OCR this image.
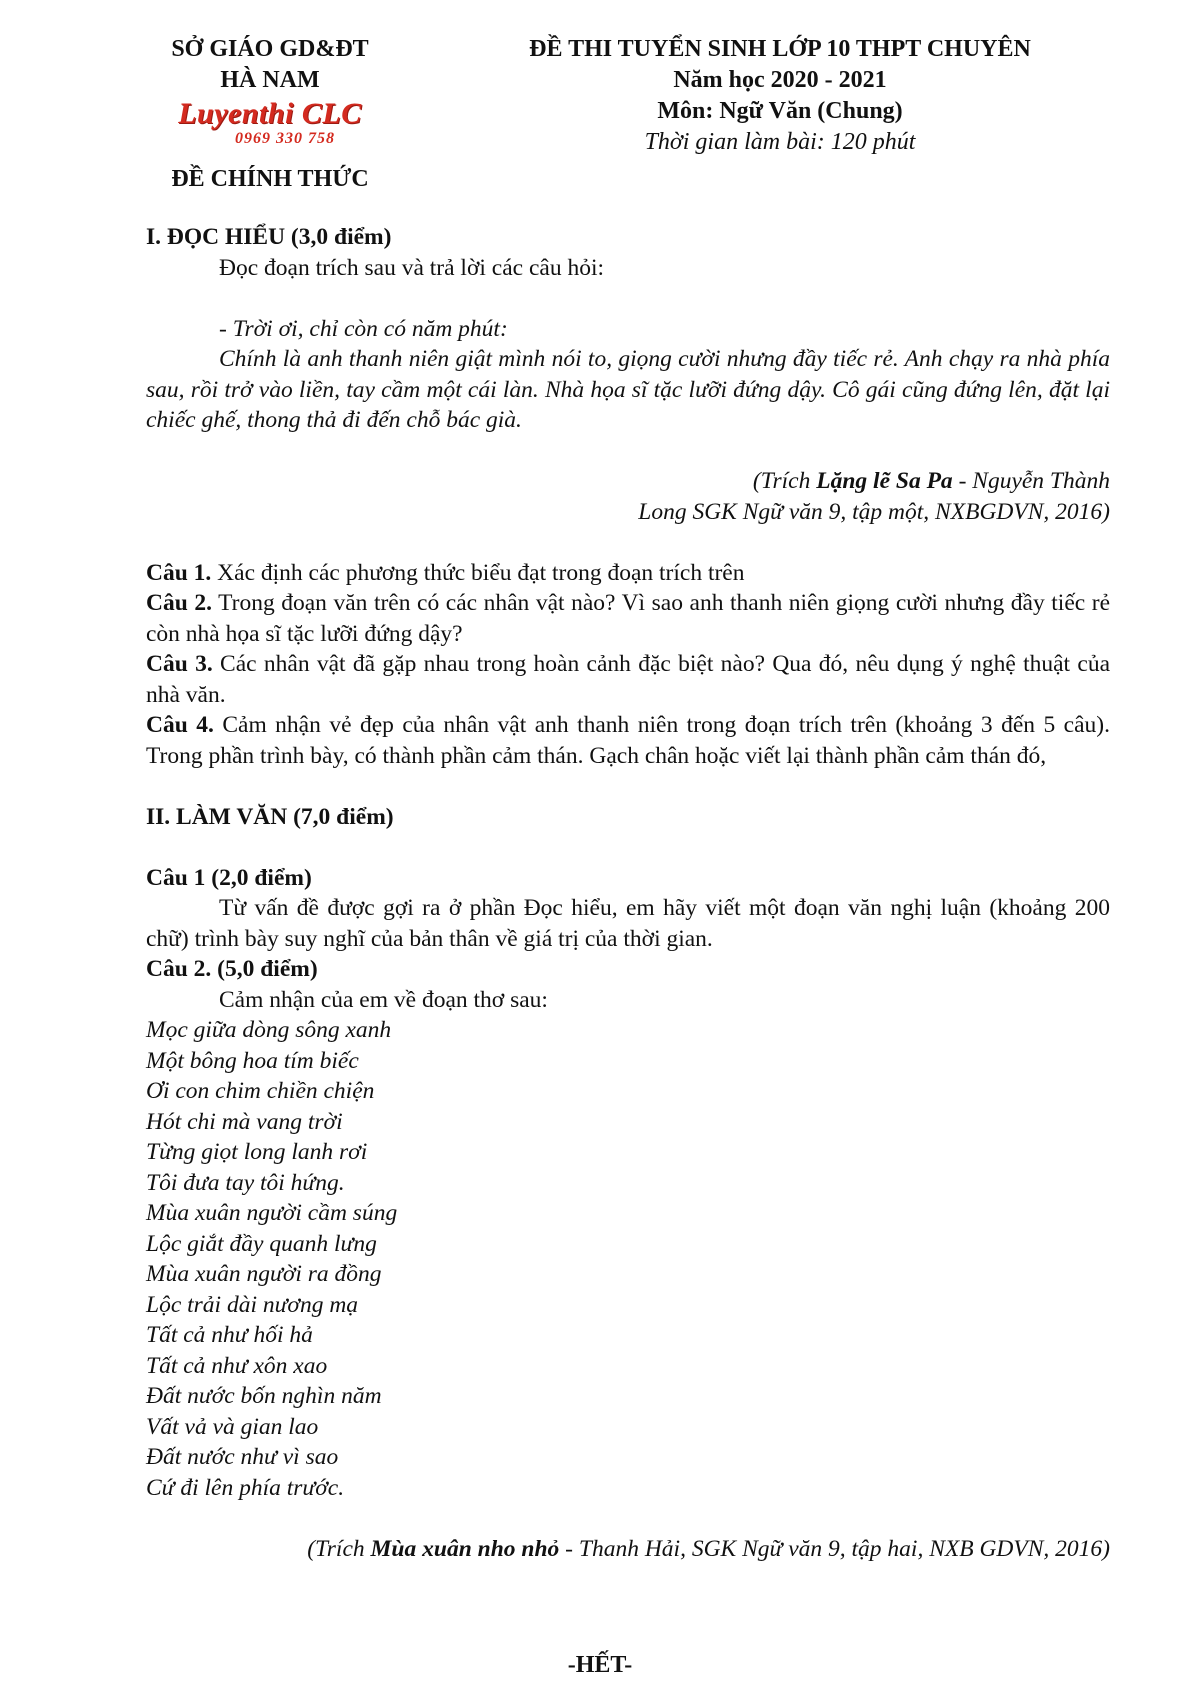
SỞ GIÁO GD&ĐT
HÀ NAM
Luyenthi CLC
0969 330 758
ĐỀ CHÍNH THỨC
ĐỀ THI TUYỂN SINH LỚP 10 THPT CHUYÊN
Năm học 2020 - 2021
Môn: Ngữ Văn (Chung)
Thời gian làm bài: 120 phút

I. ĐỌC HIỂU (3,0 điểm)

Đọc đoạn trích sau và trả lời các câu hỏi:

- Trời ơi, chỉ còn có năm phút:

Chính là anh thanh niên giật mình nói to, giọng cười nhưng đầy tiếc rẻ. Anh chạy ra nhà phía sau, rồi trở vào liền, tay cầm một cái làn. Nhà họa sĩ tặc lưỡi đứng dậy. Cô gái cũng đứng lên, đặt lại chiếc ghế, thong thả đi đến chỗ bác già.

(Trích Lặng lẽ Sa Pa - Nguyễn Thành

Long SGK Ngữ văn 9, tập một, NXBGDVN, 2016)

Câu 1. Xác định các phương thức biểu đạt trong đoạn trích trên

Câu 2. Trong đoạn văn trên có các nhân vật nào? Vì sao anh thanh niên giọng cười nhưng đầy tiếc rẻ còn nhà họa sĩ tặc lưỡi đứng dậy?

Câu 3. Các nhân vật đã gặp nhau trong hoàn cảnh đặc biệt nào? Qua đó, nêu dụng ý nghệ thuật của nhà văn.

Câu 4. Cảm nhận vẻ đẹp của nhân vật anh thanh niên trong đoạn trích trên (khoảng 3 đến 5 câu). Trong phần trình bày, có thành phần cảm thán. Gạch chân hoặc viết lại thành phần cảm thán đó,

II. LÀM VĂN (7,0 điểm)

Câu 1 (2,0 điểm)

Từ vấn đề được gợi ra ở phần Đọc hiểu, em hãy viết một đoạn văn nghị luận (khoảng 200 chữ) trình bày suy nghĩ của bản thân về giá trị của thời gian.

Câu 2. (5,0 điểm)

Cảm nhận của em về đoạn thơ sau:

Mọc giữa dòng sông xanh
Một bông hoa tím biếc
Ơi con chim chiền chiện
Hót chi mà vang trời
Từng giọt long lanh rơi
Tôi đưa tay tôi hứng.
Mùa xuân người cầm súng
Lộc giắt đầy quanh lưng
Mùa xuân người ra đồng
Lộc trải dài nương mạ
Tất cả như hối hả
Tất cả như xôn xao
Đất nước bốn nghìn năm
Vất vả và gian lao
Đất nước như vì sao
Cứ đi lên phía trước.

(Trích Mùa xuân nho nhỏ - Thanh Hải, SGK Ngữ văn 9, tập hai, NXB GDVN, 2016)

-HẾT-
